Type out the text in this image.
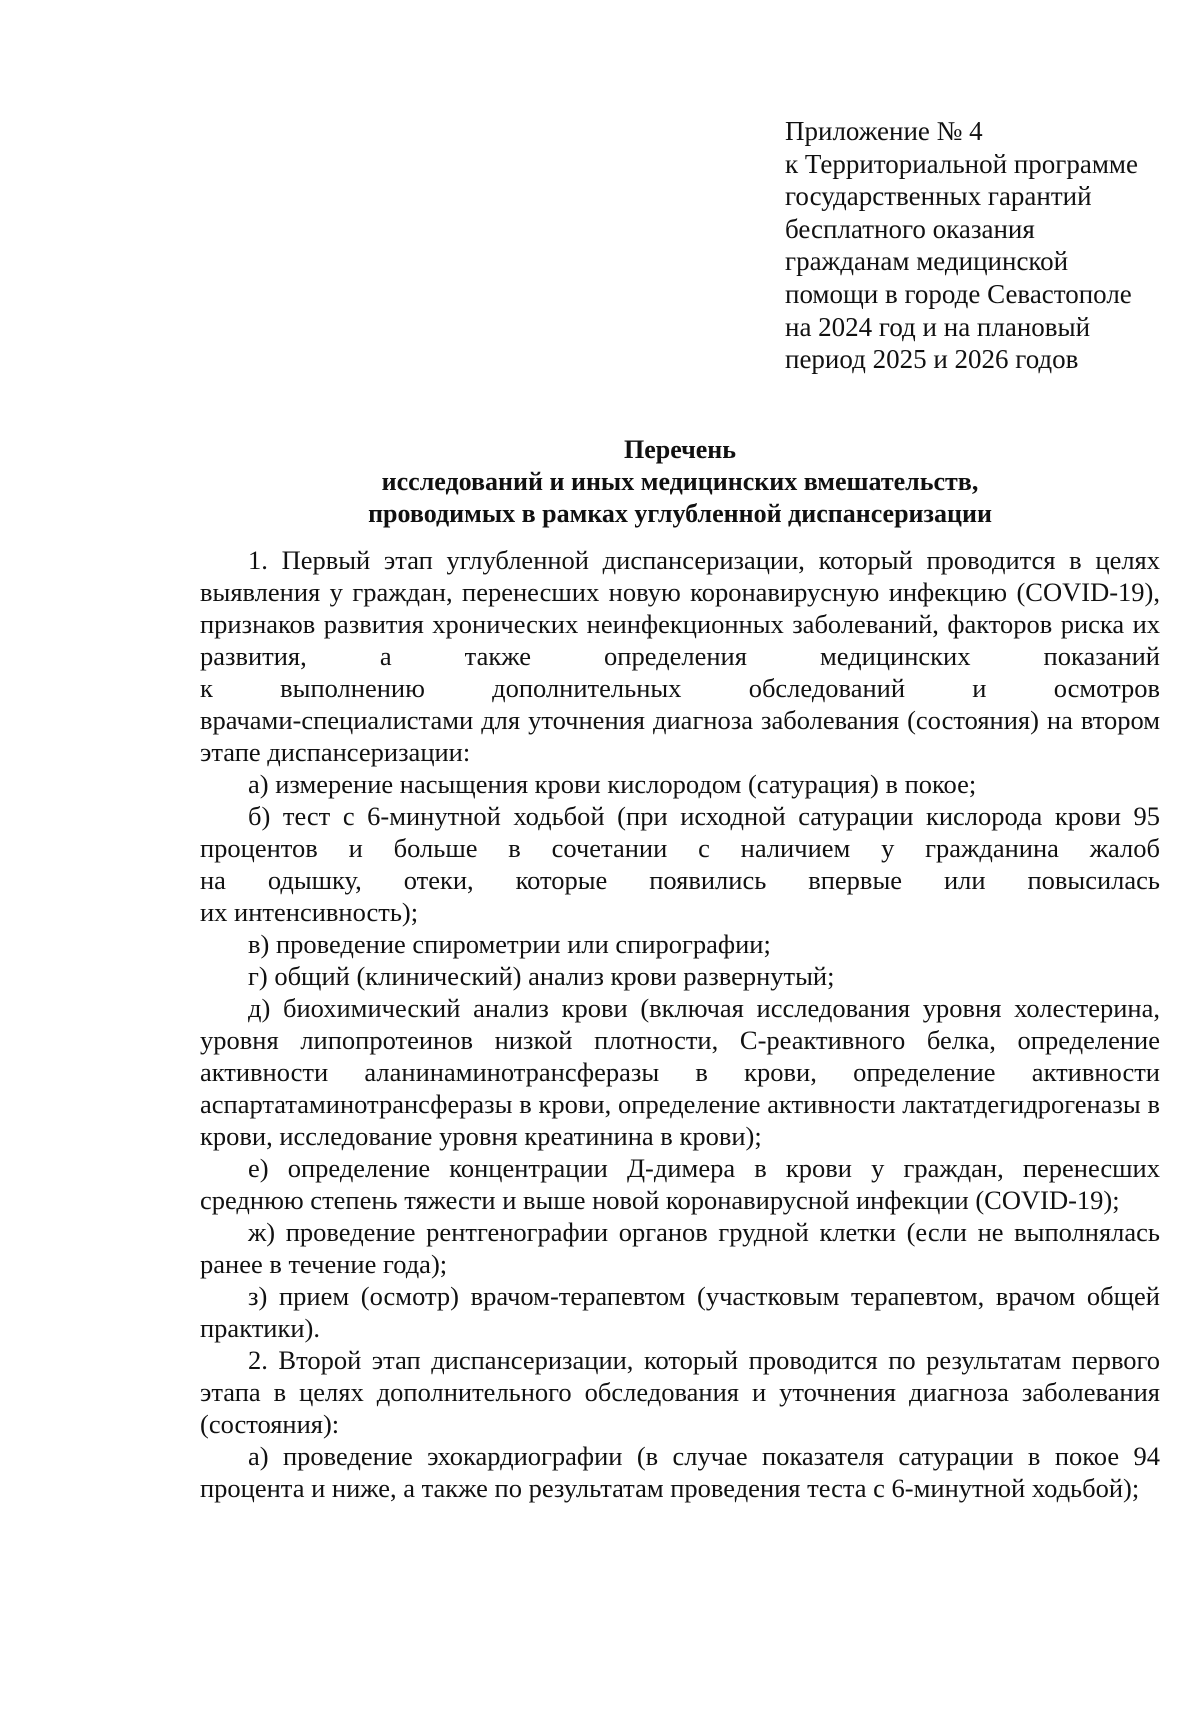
Приложение № 4
к Территориальной программе
государственных гарантий
бесплатного оказания
гражданам медицинской
помощи в городе Севастополе
на 2024 год и на плановый
период 2025 и 2026 годов
Перечень
исследований и иных медицинских вмешательств,
проводимых в рамках углубленной диспансеризации

1. Первый этап углубленной диспансеризации, который проводится в целях выявления у граждан, перенесших новую коронавирусную инфекцию (COVID-19), признаков развития хронических неинфекционных заболеваний, факторов риска их развития, а также определения медицинских показаний

к выполнению дополнительных обследований и осмотров

врачами-специалистами для уточнения диагноза заболевания (состояния) на втором этапе диспансеризации:

а) измерение насыщения крови кислородом (сатурация) в покое;

б) тест с 6-минутной ходьбой (при исходной сатурации кислорода крови 95 процентов и больше в сочетании с наличием у гражданина жалоб

на одышку, отеки, которые появились впервые или повысилась

их интенсивность);

в) проведение спирометрии или спирографии;

г) общий (клинический) анализ крови развернутый;

д) биохимический анализ крови (включая исследования уровня холестерина, уровня липопротеинов низкой плотности, С-реактивного белка, определение активности аланинаминотрансферазы в крови, определение активности аспартатаминотрансферазы в крови, определение активности лактатдегидрогеназы в крови, исследование уровня креатинина в крови);

е) определение концентрации Д-димера в крови у граждан, перенесших среднюю степень тяжести и выше новой коронавирусной инфекции (COVID-19);

ж) проведение рентгенографии органов грудной клетки (если не выполнялась ранее в течение года);

з) прием (осмотр) врачом-терапевтом (участковым терапевтом, врачом общей практики).

2. Второй этап диспансеризации, который проводится по результатам первого этапа в целях дополнительного обследования и уточнения диагноза заболевания (состояния):

а) проведение эхокардиографии (в случае показателя сатурации в покое 94 процента и ниже, а также по результатам проведения теста с 6-минутной ходьбой);
